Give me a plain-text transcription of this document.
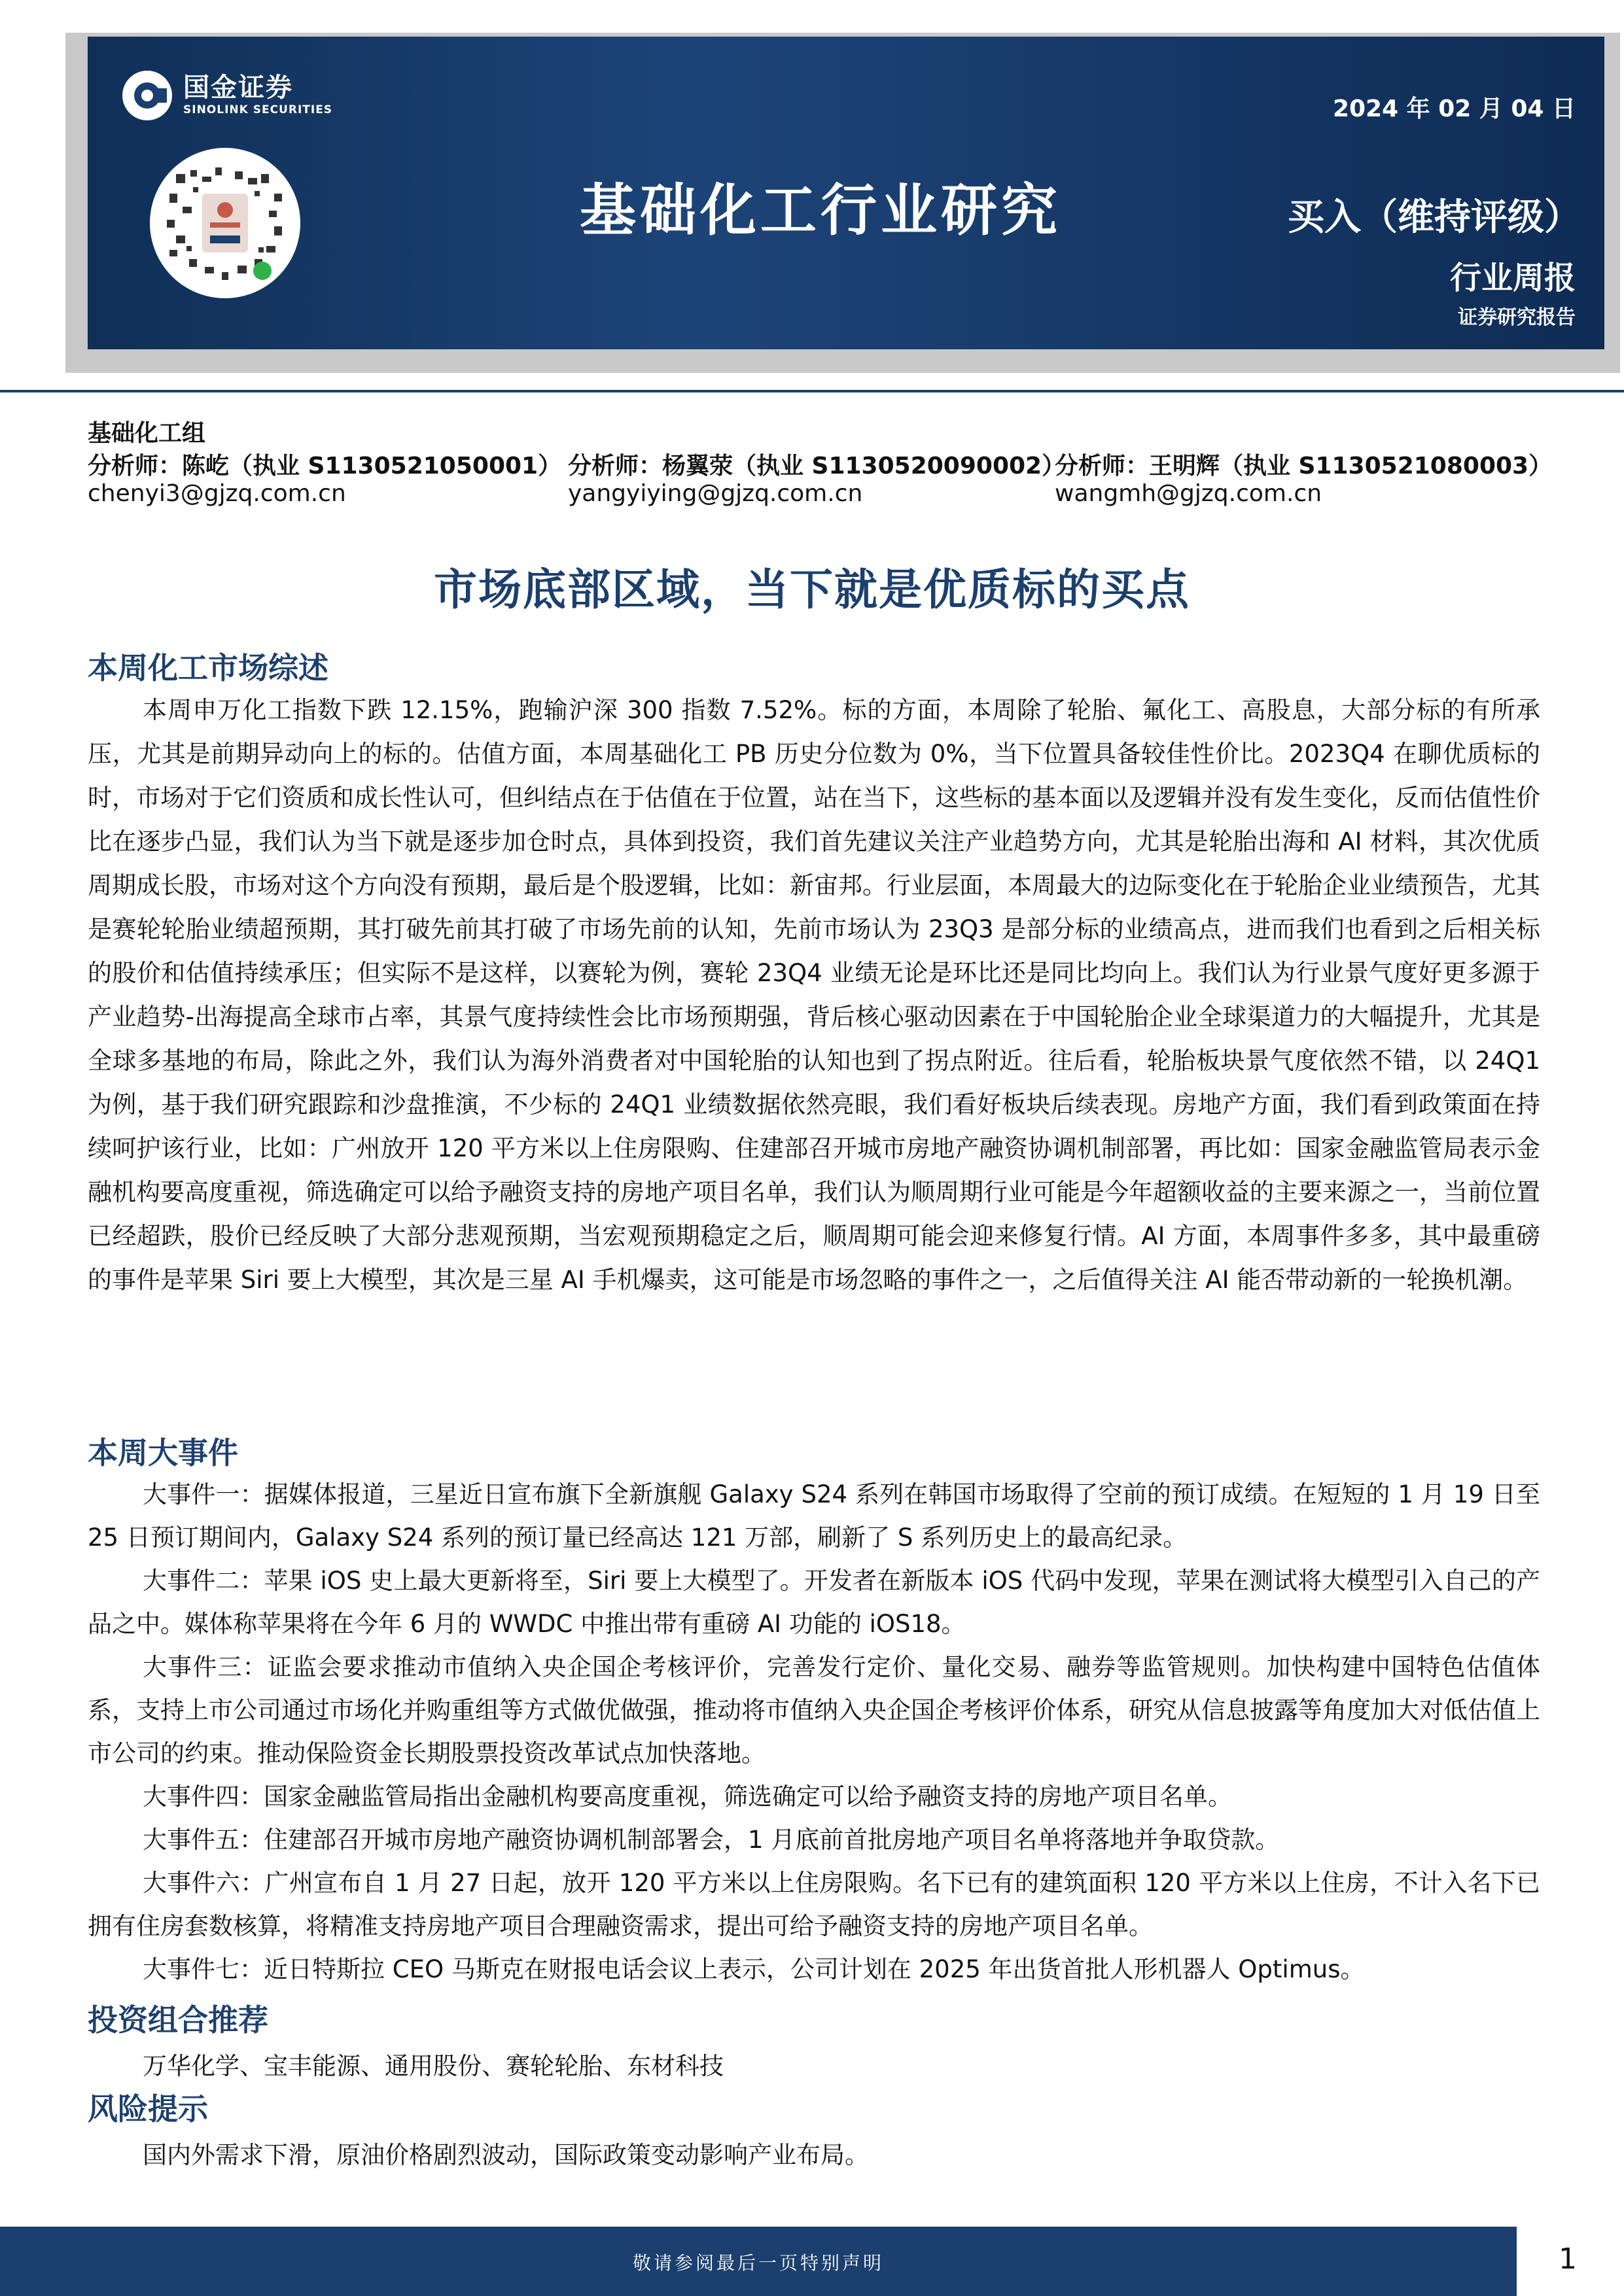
国金证券
SINOLINK SECURITIES	2024 年 02 月 04 日
基础化工行业研究	买入（维持评级）
行业周报
证券研究报告
基础化工组
分析师：陈屹（执业 S1130521050001） 分析师：杨翼荥（执业 S1130520090002）
分析师：王明辉（执业 S1130521080003）
chenyi3@gjzq.com.cn	yangyiying@gjzq.com.cn	wangmh@gjzq.com.cn
市场底部区域，当下就是优质标的买点
本周化工市场综述
本周申万化工指数下跌 12.15%，跑输沪深 300 指数 7.52%。标的方面，本周除了轮胎、氟化工、高股息，大部分标的有所承压，尤其是前期异动向上的标的。估值方面，本周基础化工 PB 历史分位数为 0%，当下位置具备较佳性价比。2023Q4 在聊优质标的时，市场对于它们资质和成长性认可，但纠结点在于估值在于位置，站在当下，这些标的基本面以及逻辑并没有发生变化，反而估值性价比在逐步凸显，我们认为当下就是逐步加仓时点，具体到投资，我们首先建议关注产业趋势方向，尤其是轮胎出海和 AI 材料，其次优质周期成长股，市场对这个方向没有预期，最后是个股逻辑，比如：新宙邦。行业层面，本周最大的边际变化在于轮胎企业业绩预告，尤其是赛轮轮胎业绩超预期，其打破先前其打破了市场先前的认知，先前市场认为 23Q3 是部分标的业绩高点，进而我们也看到之后相关标的股价和估值持续承压；但实际不是这样，以赛轮为例，赛轮 23Q4 业绩无论是环比还是同比均向上。我们认为行业景气度好更多源于产业趋势-出海提高全球市占率，其景气度持续性会比市场预期强，背后核心驱动因素在于中国轮胎企业全球渠道力的大幅提升，尤其是全球多基地的布局，除此之外，我们认为海外消费者对中国轮胎的认知也到了拐点附近。往后看，轮胎板块景气度依然不错，以 24Q1 为例，基于我们研究跟踪和沙盘推演，不少标的 24Q1 业绩数据依然亮眼，我们看好板块后续表现。房地产方面，我们看到政策面在持续呵护该行业，比如：广州放开 120 平方米以上住房限购、住建部召开城市房地产融资协调机制部署，再比如：国家金融监管局表示金融机构要高度重视，筛选确定可以给予融资支持的房地产项目名单，我们认为顺周期行业可能是今年超额收益的主要来源之一，当前位置已经超跌，股价已经反映了大部分悲观预期，当宏观预期稳定之后，顺周期可能会迎来修复行情。AI 方面，本周事件多多，其中最重磅的事件是苹果 Siri 要上大模型，其次是三星 AI 手机爆卖，这可能是市场忽略的事件之一，之后值得关注 AI 能否带动新的一轮换机潮。
本周大事件
大事件一：据媒体报道，三星近日宣布旗下全新旗舰 Galaxy S24 系列在韩国市场取得了空前的预订成绩。在短短的 1 月 19 日至 25 日预订期间内，Galaxy S24 系列的预订量已经高达 121 万部，刷新了 S 系列历史上的最高纪录。
大事件二：苹果 iOS 史上最大更新将至，Siri 要上大模型了。开发者在新版本 iOS 代码中发现，苹果在测试将大模型引入自己的产品之中。媒体称苹果将在今年 6 月的 WWDC 中推出带有重磅 AI 功能的 iOS18。
大事件三：证监会要求推动市值纳入央企国企考核评价，完善发行定价、量化交易、融券等监管规则。加快构建中国特色估值体系，支持上市公司通过市场化并购重组等方式做优做强，推动将市值纳入央企国企考核评价体系，研究从信息披露等角度加大对低估值上市公司的约束。推动保险资金长期股票投资改革试点加快落地。
大事件四：国家金融监管局指出金融机构要高度重视，筛选确定可以给予融资支持的房地产项目名单。
大事件五：住建部召开城市房地产融资协调机制部署会，1 月底前首批房地产项目名单将落地并争取贷款。
大事件六：广州宣布自 1 月 27 日起，放开 120 平方米以上住房限购。名下已有的建筑面积 120 平方米以上住房，不计入名下已拥有住房套数核算，将精准支持房地产项目合理融资需求，提出可给予融资支持的房地产项目名单。
大事件七：近日特斯拉 CEO 马斯克在财报电话会议上表示，公司计划在 2025 年出货首批人形机器人 Optimus。
投资组合推荐
万华化学、宝丰能源、通用股份、赛轮轮胎、东材科技
风险提示
国内外需求下滑，原油价格剧烈波动，国际政策变动影响产业布局。
敬请参阅最后一页特别声明	1
